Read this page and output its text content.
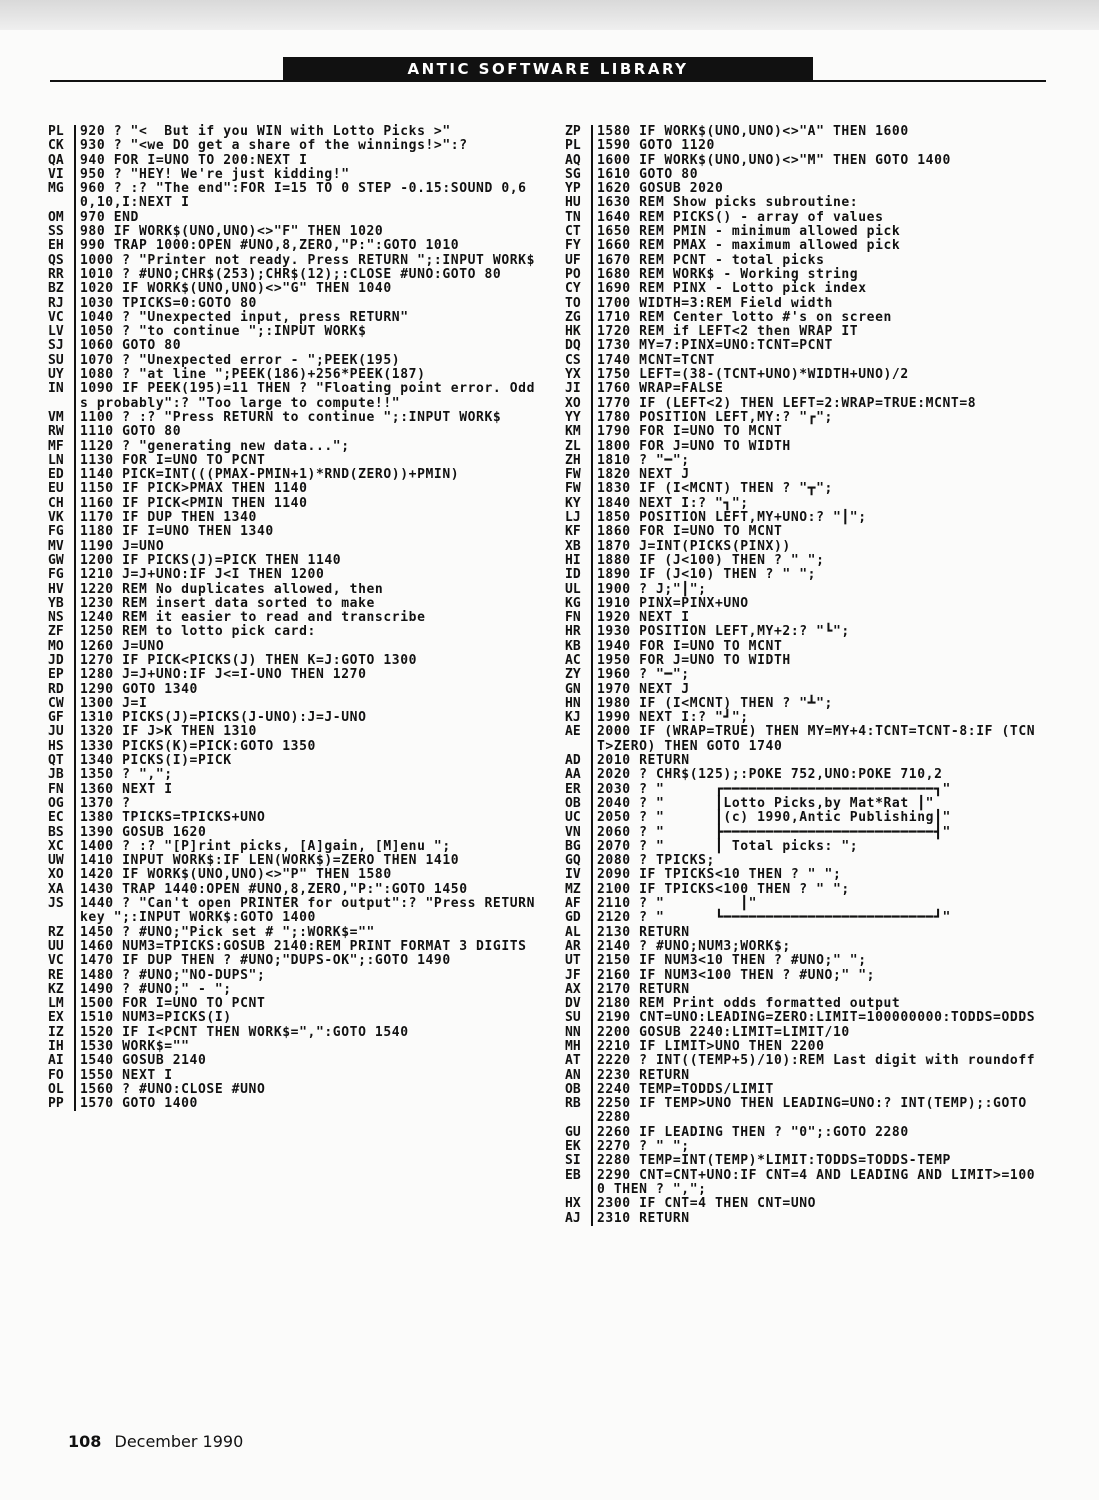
ANTIC SOFTWARE LIBRARY
PL	920 ? "<  But if you WIN with Lotto Picks >"
CK	930 ? "<we DO get a share of the winnings!>":?
QA	940 FOR I=UNO TO 200:NEXT I
VI	950 ? "HEY! We're just kidding!"
MG	960 ? :? "The end":FOR I=15 TO 0 STEP -0.15:SOUND 0,60,10,I:NEXT I
OM	970 END
SS	980 IF WORK$(UNO,UNO)<>"F" THEN 1020
EH	990 TRAP 1000:OPEN #UNO,8,ZERO,"P:":GOTO 1010
QS	1000 ? "Printer not ready. Press RETURN ";:INPUT WORK$
RR	1010 ? #UNO;CHR$(253);CHR$(12);:CLOSE #UNO:GOTO 80
BZ	1020 IF WORK$(UNO,UNO)<>"G" THEN 1040
RJ	1030 TPICKS=0:GOTO 80
VC	1040 ? "Unexpected input, press RETURN"
LV	1050 ? "to continue ";:INPUT WORK$
SJ	1060 GOTO 80
SU	1070 ? "Unexpected error - ";PEEK(195)
UY	1080 ? "at line ";PEEK(186)+256*PEEK(187)
IN	1090 IF PEEK(195)=11 THEN ? "Floating point error. Odds probably":? "Too large to compute!!"
VM	1100 ? :? "Press RETURN to continue ";:INPUT WORK$
RW	1110 GOTO 80
MF	1120 ? "generating new data...";
LN	1130 FOR I=UNO TO PCNT
ED	1140 PICK=INT(((PMAX-PMIN+1)*RND(ZERO))+PMIN)
EU	1150 IF PICK>PMAX THEN 1140
CH	1160 IF PICK<PMIN THEN 1140
VK	1170 IF DUP THEN 1340
FG	1180 IF I=UNO THEN 1340
MV	1190 J=UNO
GW	1200 IF PICKS(J)=PICK THEN 1140
FG	1210 J=J+UNO:IF J<I THEN 1200
HV	1220 REM No duplicates allowed, then
YB	1230 REM insert data sorted to make
NS	1240 REM it easier to read and transcribe
ZF	1250 REM to lotto pick card:
MO	1260 J=UNO
JD	1270 IF PICK<PICKS(J) THEN K=J:GOTO 1300
EP	1280 J=J+UNO:IF J<=I-UNO THEN 1270
RD	1290 GOTO 1340
CW	1300 J=I
GF	1310 PICKS(J)=PICKS(J-UNO):J=J-UNO
JU	1320 IF J>K THEN 1310
HS	1330 PICKS(K)=PICK:GOTO 1350
QT	1340 PICKS(I)=PICK
JB	1350 ? ",";
FN	1360 NEXT I
OG	1370 ?
EC	1380 TPICKS=TPICKS+UNO
BS	1390 GOSUB 1620
XC	1400 ? :? "[P]rint picks, [A]gain, [M]enu ";
UW	1410 INPUT WORK$:IF LEN(WORK$)=ZERO THEN 1410
XO	1420 IF WORK$(UNO,UNO)<>"P" THEN 1580
XA	1430 TRAP 1440:OPEN #UNO,8,ZERO,"P:":GOTO 1450
JS	1440 ? "Can't open PRINTER for output":? "Press RETURN key ";:INPUT WORK$:GOTO 1400
RZ	1450 ? #UNO;"Pick set # ";:WORK$=""
UU	1460 NUM3=TPICKS:GOSUB 2140:REM PRINT FORMAT 3 DIGITS
VC	1470 IF DUP THEN ? #UNO;"DUPS-OK";:GOTO 1490
RE	1480 ? #UNO;"NO-DUPS";
KZ	1490 ? #UNO;" - ";
LM	1500 FOR I=UNO TO PCNT
EX	1510 NUM3=PICKS(I)
IZ	1520 IF I<PCNT THEN WORK$=",":GOTO 1540
IH	1530 WORK$=""
AI	1540 GOSUB 2140
FO	1550 NEXT I
OL	1560 ? #UNO:CLOSE #UNO
PP	1570 GOTO 1400
ZP	1580 IF WORK$(UNO,UNO)<>"A" THEN 1600
PL	1590 GOTO 1120
AQ	1600 IF WORK$(UNO,UNO)<>"M" THEN GOTO 1400
SG	1610 GOTO 80
YP	1620 GOSUB 2020
HU	1630 REM Show picks subroutine:
TN	1640 REM PICKS() - array of values
CT	1650 REM PMIN - minimum allowed pick
FY	1660 REM PMAX - maximum allowed pick
UF	1670 REM PCNT - total picks
PO	1680 REM WORK$ - Working string
CY	1690 REM PINX - Lotto pick index
TO	1700 WIDTH=3:REM Field width
ZG	1710 REM Center lotto #'s on screen
HK	1720 REM if LEFT<2 then WRAP IT
DQ	1730 MY=7:PINX=UNO:TCNT=PCNT
CS	1740 MCNT=TCNT
YX	1750 LEFT=(38-(TCNT+UNO)*WIDTH+UNO)/2
JI	1760 WRAP=FALSE
XO	1770 IF (LEFT<2) THEN LEFT=2:WRAP=TRUE:MCNT=8
YY	1780 POSITION LEFT,MY:? "┏";
KM	1790 FOR I=UNO TO MCNT
ZL	1800 FOR J=UNO TO WIDTH
ZH	1810 ? "━";
FW	1820 NEXT J
FW	1830 IF (I<MCNT) THEN ? "┳";
KY	1840 NEXT I:? "┓";
LJ	1850 POSITION LEFT,MY+UNO:? "┃";
KF	1860 FOR I=UNO TO MCNT
XB	1870 J=INT(PICKS(PINX))
HI	1880 IF (J<100) THEN ? " ";
ID	1890 IF (J<10) THEN ? " ";
UL	1900 ? J;"┃";
KG	1910 PINX=PINX+UNO
FN	1920 NEXT I
HR	1930 POSITION LEFT,MY+2:? "┗";
KB	1940 FOR I=UNO TO MCNT
AC	1950 FOR J=UNO TO WIDTH
ZY	1960 ? "━";
GN	1970 NEXT J
HN	1980 IF (I<MCNT) THEN ? "┻";
KJ	1990 NEXT I:? "┛";
AE	2000 IF (WRAP=TRUE) THEN MY=MY+4:TCNT=TCNT-8:IF (TCNT>ZERO) THEN GOTO 1740
AD	2010 RETURN
AA	2020 ? CHR$(125);:POKE 752,UNO:POKE 710,2
ER	2030 ? "      ┏━━━━━━━━━━━━━━━━━━━━━━━━━┓"
OB	2040 ? "      ┃Lotto Picks,by Mat*Rat ┃"
UC	2050 ? "      ┃(c) 1990,Antic Publishing┃"
VN	2060 ? "      ┣━━━━━━━━━━━━━━━━━━━━━━━━━┫"
BG	2070 ? "      ┃ Total picks: ";
GQ	2080 ? TPICKS;
IV	2090 IF TPICKS<10 THEN ? " ";
MZ	2100 IF TPICKS<100 THEN ? " ";
AF	2110 ? "         ┃"
GD	2120 ? "      ┗━━━━━━━━━━━━━━━━━━━━━━━━━┛"
AL	2130 RETURN
AR	2140 ? #UNO;NUM3;WORK$;
UT	2150 IF NUM3<10 THEN ? #UNO;" ";
JF	2160 IF NUM3<100 THEN ? #UNO;" ";
AX	2170 RETURN
DV	2180 REM Print odds formatted output
SU	2190 CNT=UNO:LEADING=ZERO:LIMIT=100000000:TODDS=ODDS
NN	2200 GOSUB 2240:LIMIT=LIMIT/10
MH	2210 IF LIMIT>UNO THEN 2200
AT	2220 ? INT((TEMP+5)/10):REM Last digit with roundoff
AN	2230 RETURN
OB	2240 TEMP=TODDS/LIMIT
RB	2250 IF TEMP>UNO THEN LEADING=UNO:? INT(TEMP);:GOTO 2280
GU	2260 IF LEADING THEN ? "0";:GOTO 2280
EK	2270 ? " ";
SI	2280 TEMP=INT(TEMP)*LIMIT:TODDS=TODDS-TEMP
EB	2290 CNT=CNT+UNO:IF CNT=4 AND LEADING AND LIMIT>=1000 THEN ? ",";
HX	2300 IF CNT=4 THEN CNT=UNO
AJ	2310 RETURN
108 December 1990
